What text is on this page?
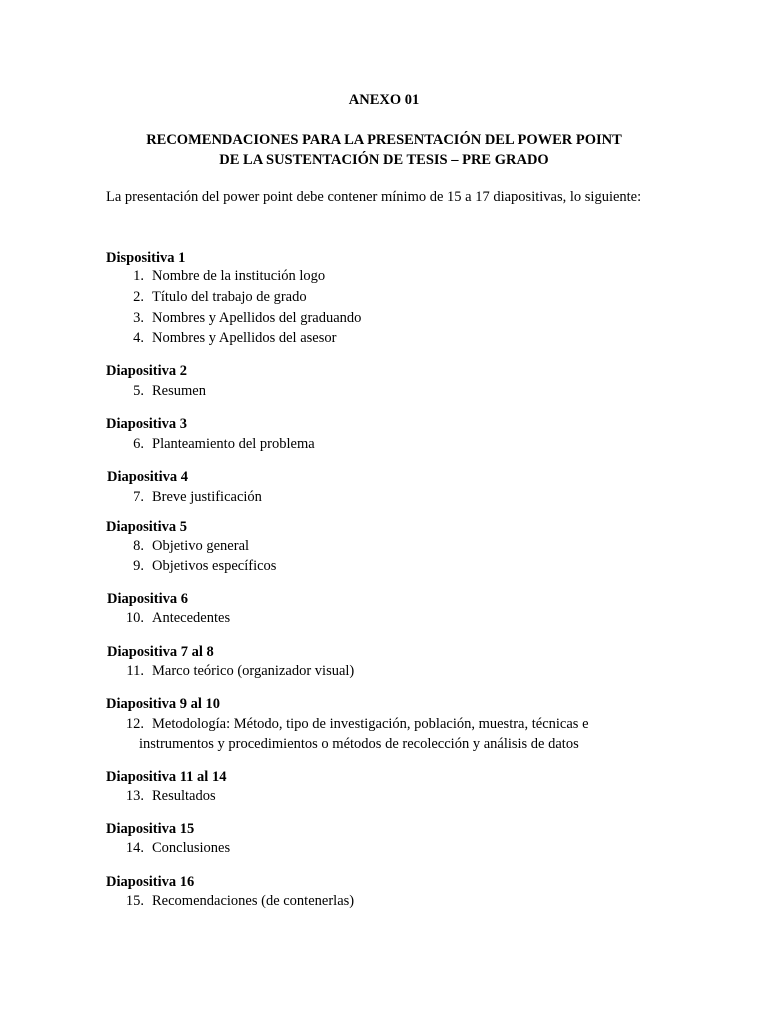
ANEXO 01
RECOMENDACIONES PARA LA PRESENTACIÓN DEL POWER POINT
DE LA SUSTENTACIÓN DE TESIS – PRE GRADO
La presentación del power point debe contener mínimo de 15 a 17 diapositivas, lo siguiente:
Dispositiva 1
1. Nombre de la institución logo
2. Título del trabajo de grado
3. Nombres y Apellidos del graduando
4. Nombres y Apellidos del asesor
Diapositiva 2
5. Resumen
Diapositiva 3
6. Planteamiento del problema
Diapositiva 4
7. Breve justificación
Diapositiva 5
8. Objetivo general
9. Objetivos específicos
Diapositiva 6
10. Antecedentes
Diapositiva 7 al 8
11. Marco teórico (organizador visual)
Diapositiva 9 al 10
12. Metodología: Método, tipo de investigación, población, muestra, técnicas e
instrumentos y procedimientos o métodos de recolección y análisis de datos
Diapositiva 11 al 14
13. Resultados
Diapositiva 15
14. Conclusiones
Diapositiva 16
15. Recomendaciones (de contenerlas)
